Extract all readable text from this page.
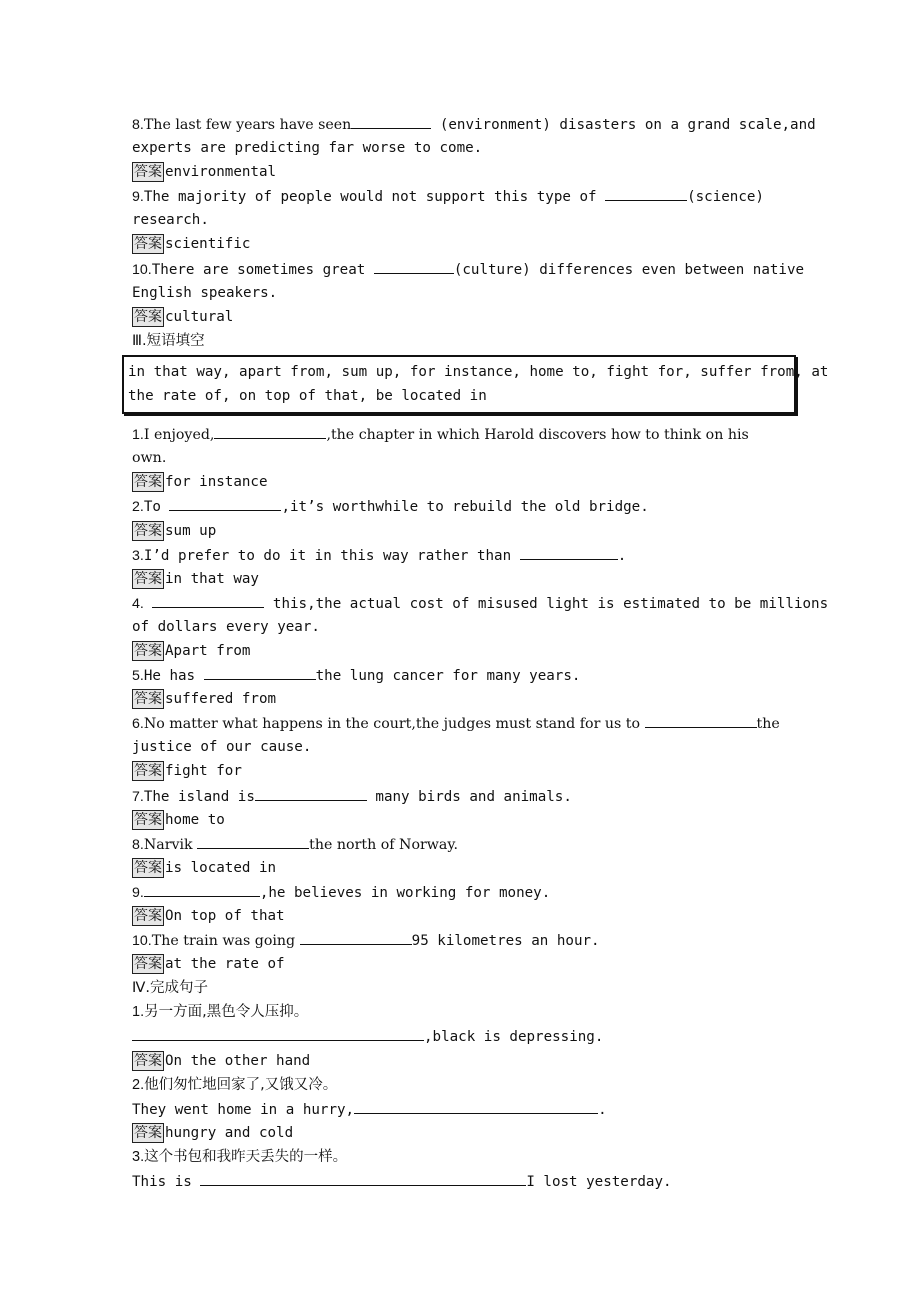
8.The last few years have seen	(environment) disasters on a grand scale,and
experts are predicting far worse to come.
答案 environmental
9.The majority of people would not support this type of	(science)
research.
答案 scientific
10.There are sometimes great	(culture) differences even between native
English speakers.
答案 cultural
Ⅲ.短语填空
in that way, apart from, sum up, for instance, home to, fight for, suffer from, at
the rate of, on top of that, be located in
1.I enjoyed,	,the chapter in which Harold discovers how to think on his
own.
答案 for instance
2.To	,it’s worthwhile to rebuild the old bridge.
答案 sum up
3.I’d prefer to do it in this way rather than	.
答案 in that way
4.	this,the actual cost of misused light is estimated to be millions
of dollars every year.
答案 Apart from
5.He has	the lung cancer for many years.
答案 suffered from
6.No matter what happens in the court,the judges must stand for us to	the
justice of our cause.
答案 fight for
7.The island is	many birds and animals.
答案 home to
8.Narvik	the north of Norway.
答案 is located in
9.	,he believes in working for money.
答案 On top of that
10.The train was going	95 kilometres an hour.
答案 at the rate of
Ⅳ.完成句子
1.另一方面,黑色令人压抑。
,black is depressing.
答案 On the other hand
2.他们匆忙地回家了,又饿又冷。
They went home in a hurry,	.
答案 hungry and cold
3.这个书包和我昨天丢失的一样。
This is	I lost yesterday.
